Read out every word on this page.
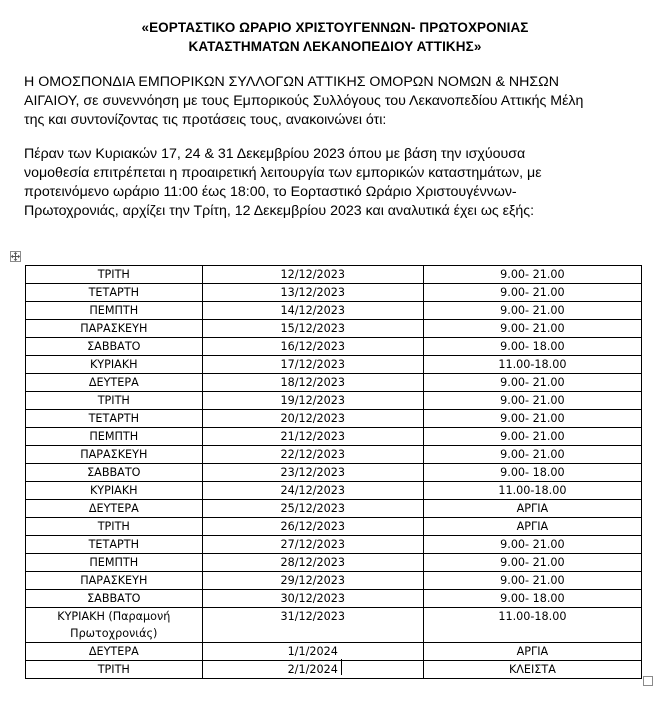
«ΕΟΡΤΑΣΤΙΚΟ ΩΡΑΡΙΟ ΧΡΙΣΤΟΥΓΕΝΝΩΝ- ΠΡΩΤΟΧΡΟΝΙΑΣ
ΚΑΤΑΣΤΗΜΑΤΩΝ ΛΕΚΑΝΟΠΕΔΙΟΥ ΑΤΤΙΚΗΣ»
Η ΟΜΟΣΠΟΝΔΙΑ ΕΜΠΟΡΙΚΩΝ ΣΥΛΛΟΓΩΝ ΑΤΤΙΚΗΣ ΟΜΟΡΩΝ ΝΟΜΩΝ & ΝΗΣΩΝ
ΑΙΓΑΙΟΥ, σε συνεννόηση με τους Εμπορικούς Συλλόγους του Λεκανοπεδίου Αττικής Μέλη
της και συντονίζοντας τις προτάσεις τους, ανακοινώνει ότι:
Πέραν των Κυριακών 17, 24 & 31 Δεκεμβρίου 2023 όπου με βάση την ισχύουσα
νομοθεσία επιτρέπεται η προαιρετική λειτουργία των εμπορικών καταστημάτων, με
προτεινόμενο ωράριο 11:00 έως 18:00, το Εορταστικό Ωράριο Χριστουγέννων-
Πρωτοχρονιάς, αρχίζει την Τρίτη, 12 Δεκεμβρίου 2023 και αναλυτικά έχει ως εξής:
ΤΡΙΤΗ	12/12/2023	9.00- 21.00

ΤΕΤΑΡΤΗ	13/12/2023	9.00- 21.00

ΠΕΜΠΤΗ	14/12/2023	9.00- 21.00

ΠΑΡΑΣΚΕΥΗ	15/12/2023	9.00- 21.00

ΣΑΒΒΑΤΟ	16/12/2023	9.00- 18.00

ΚΥΡΙΑΚΗ	17/12/2023	11.00-18.00

ΔΕΥΤΕΡΑ	18/12/2023	9.00- 21.00

ΤΡΙΤΗ	19/12/2023	9.00- 21.00

ΤΕΤΑΡΤΗ	20/12/2023	9.00- 21.00

ΠΕΜΠΤΗ	21/12/2023	9.00- 21.00

ΠΑΡΑΣΚΕΥΗ	22/12/2023	9.00- 21.00

ΣΑΒΒΑΤΟ	23/12/2023	9.00- 18.00

ΚΥΡΙΑΚΗ	24/12/2023	11.00-18.00

ΔΕΥΤΕΡΑ	25/12/2023	ΑΡΓΙΑ

ΤΡΙΤΗ	26/12/2023	ΑΡΓΙΑ

ΤΕΤΑΡΤΗ	27/12/2023	9.00- 21.00

ΠΕΜΠΤΗ	28/12/2023	9.00- 21.00

ΠΑΡΑΣΚΕΥΗ	29/12/2023	9.00- 21.00

ΣΑΒΒΑΤΟ	30/12/2023	9.00- 18.00

ΚΥΡΙΑΚΗ (Παραμονή
Πρωτοχρονιάς)	31/12/2023	11.00-18.00

ΔΕΥΤΕΡΑ	1/1/2024	ΑΡΓΙΑ

ΤΡΙΤΗ	2/1/2024	ΚΛΕΙΣΤΑ
